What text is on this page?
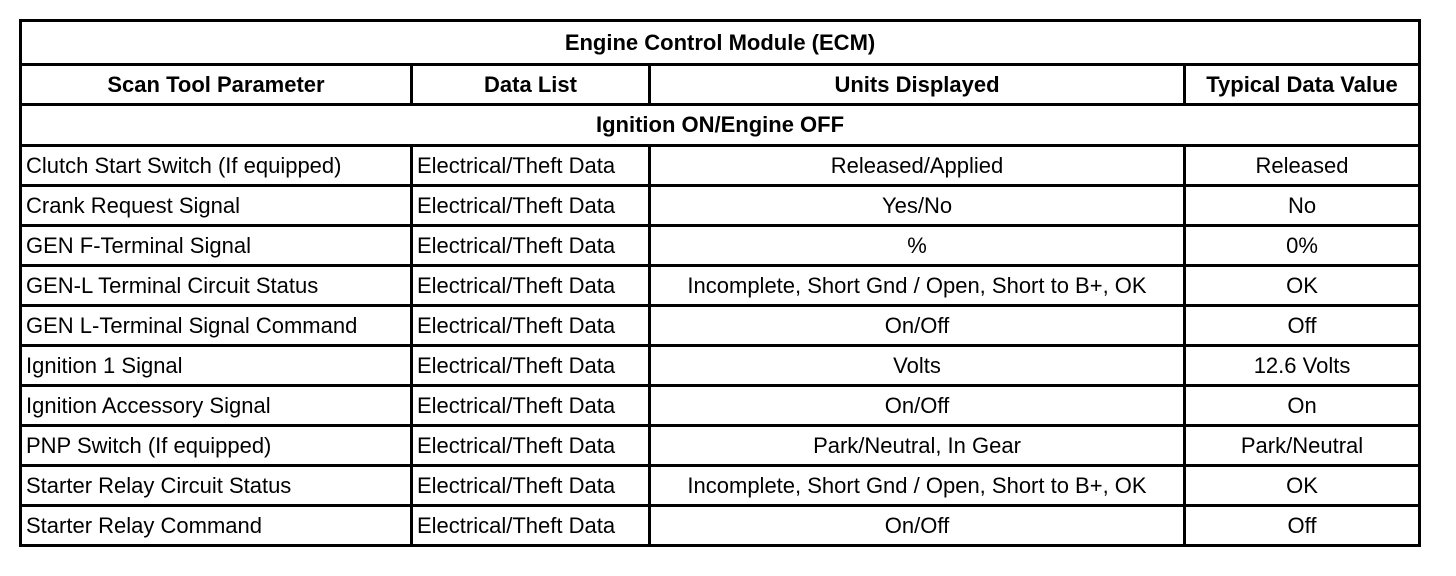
Engine Control Module (ECM)			
Scan Tool Parameter	Data List	Units Displayed	Typical Data Value
Ignition ON/Engine OFF			
Clutch Start Switch (If equipped)	Electrical/Theft Data	Released/Applied	Released
Crank Request Signal	Electrical/Theft Data	Yes/No	No
GEN F-Terminal Signal	Electrical/Theft Data	%	0%
GEN-L Terminal Circuit Status	Electrical/Theft Data	Incomplete, Short Gnd / Open, Short to B+, OK	OK
GEN L-Terminal Signal Command	Electrical/Theft Data	On/Off	Off
Ignition 1 Signal	Electrical/Theft Data	Volts	12.6 Volts
Ignition Accessory Signal	Electrical/Theft Data	On/Off	On
PNP Switch (If equipped)	Electrical/Theft Data	Park/Neutral, In Gear	Park/Neutral
Starter Relay Circuit Status	Electrical/Theft Data	Incomplete, Short Gnd / Open, Short to B+, OK	OK
Starter Relay Command	Electrical/Theft Data	On/Off	Off
